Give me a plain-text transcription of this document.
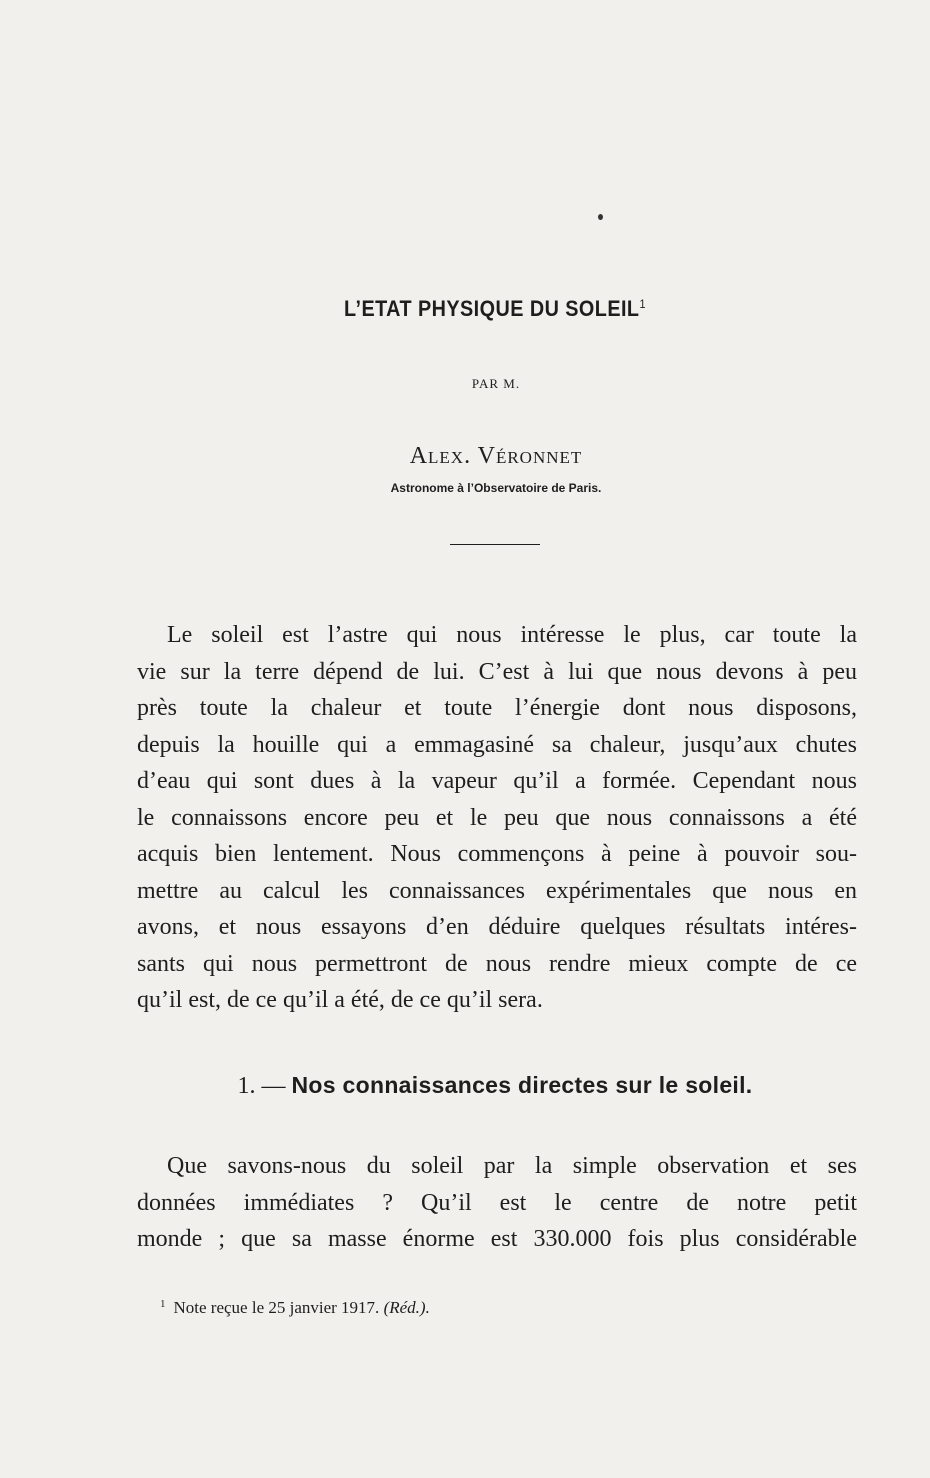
L’ETAT PHYSIQUE DU SOLEIL$^1$
PAR M.
Alex. Véronnet
Astronome à l’Observatoire de Paris.
Le soleil est l’astre qui nous intéresse le plus, car toute la
vie sur la terre dépend de lui. C’est à lui que nous devons à peu
près toute la chaleur et toute l’énergie dont nous disposons,
depuis la houille qui a emmagasiné sa chaleur, jusqu’aux chutes
d’eau qui sont dues à la vapeur qu’il a formée. Cependant nous
le connaissons encore peu et le peu que nous connaissons a été
acquis bien lentement. Nous commençons à peine à pouvoir sou-
mettre au calcul les connaissances expérimentales que nous en
avons, et nous essayons d’en déduire quelques résultats intéres-
sants qui nous permettront de nous rendre mieux compte de ce
qu’il est, de ce qu’il a été, de ce qu’il sera.
1. — Nos connaissances directes sur le soleil.
Que savons-nous du soleil par la simple observation et ses
données immédiates ? Qu’il est le centre de notre petit
monde ; que sa masse énorme est 330.000 fois plus considérable
$^1$ Note reçue le 25 janvier 1917. (Réd.).
